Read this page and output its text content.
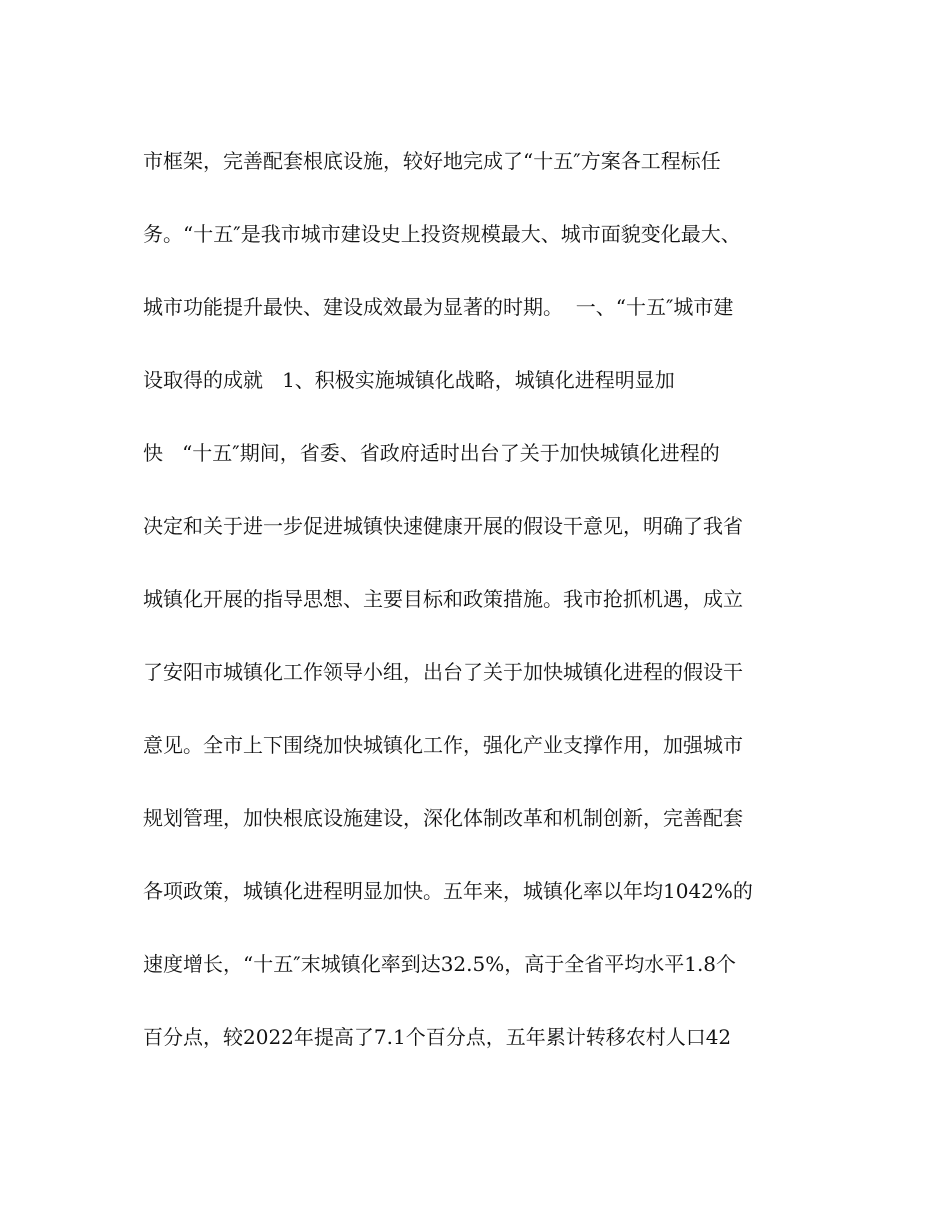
市框架，完善配套根底设施，较好地完成了“十五″方案各工程标任
务。“十五″是我市城市建设史上投资规模最大、城市面貌变化最大、
城市功能提升最快、建设成效最为显著的时期。  一、“十五″城市建
设取得的成就   1、积极实施城镇化战略，城镇化进程明显加
快   “十五″期间，省委、省政府适时出台了关于加快城镇化进程的
决定和关于进一步促进城镇快速健康开展的假设干意见，明确了我省
城镇化开展的指导思想、主要目标和政策措施。我市抢抓机遇，成立
了安阳市城镇化工作领导小组，出台了关于加快城镇化进程的假设干
意见。全市上下围绕加快城镇化工作，强化产业支撑作用，加强城市
规划管理，加快根底设施建设，深化体制改革和机制创新，完善配套
各项政策，城镇化进程明显加快。五年来，城镇化率以年均1042%的
速度增长，“十五″末城镇化率到达32.5%，高于全省平均水平1.8个
百分点，较2022年提高了7.1个百分点，五年累计转移农村人口42
